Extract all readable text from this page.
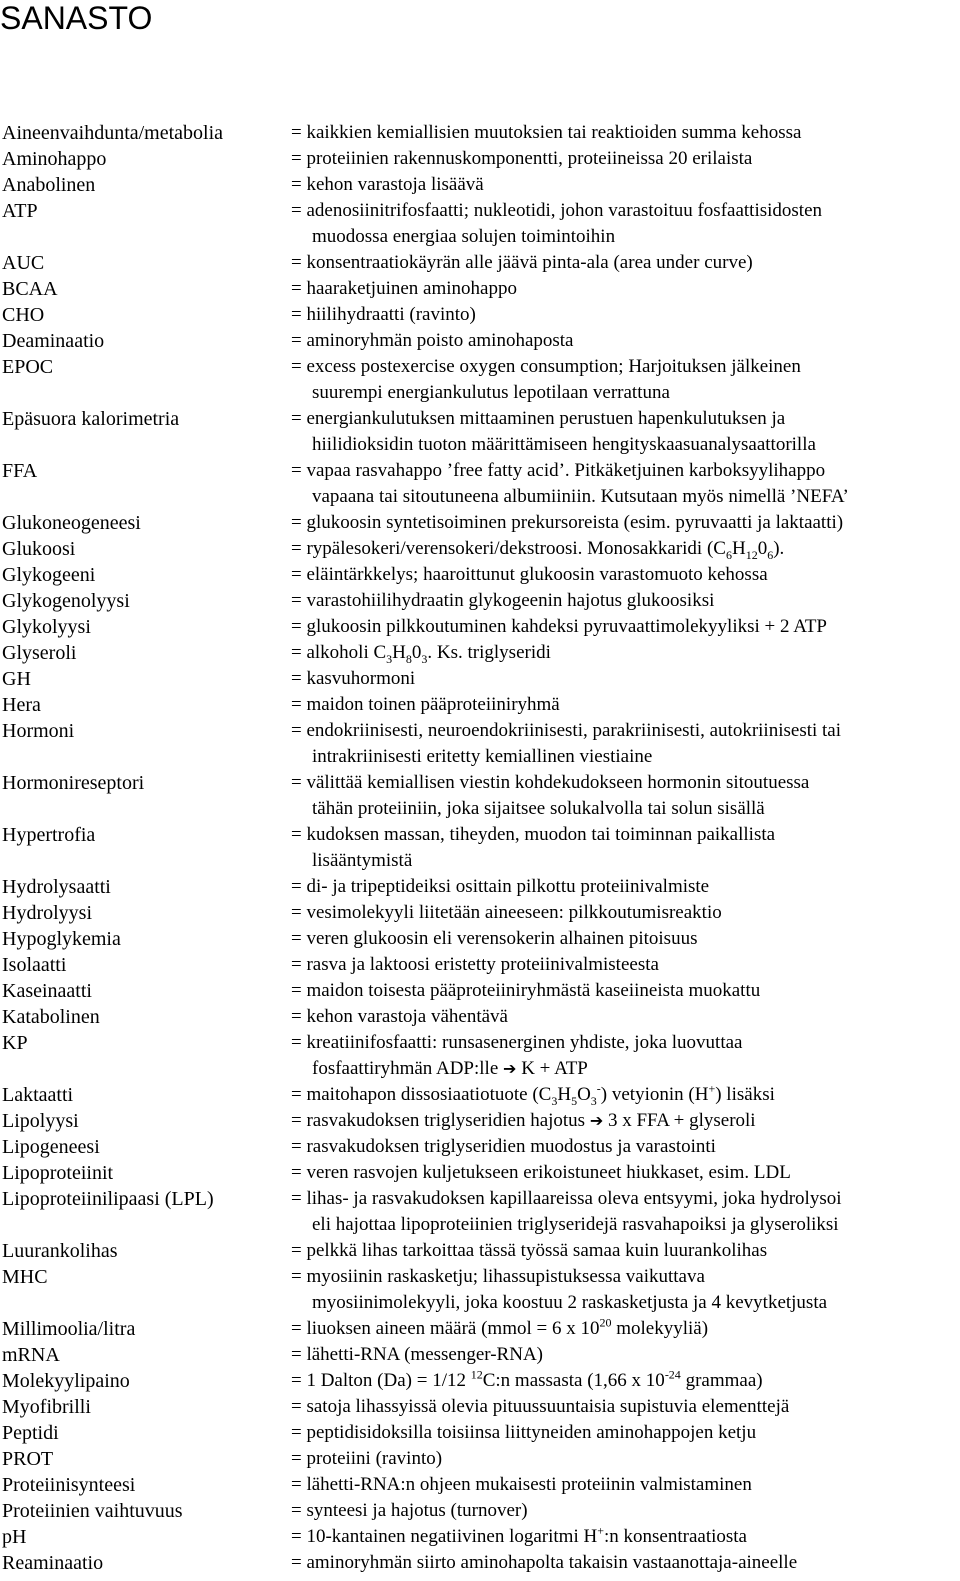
SANASTO
Aineenvaihdunta/metabolia	= kaikkien kemiallisien muutoksien tai reaktioiden summa kehossa
Aminohappo	= proteiinien rakennuskomponentti, proteiineissa 20 erilaista
Anabolinen	= kehon varastoja lisäävä
ATP	= adenosiinitrifosfaatti; nukleotidi, johon varastoituu fosfaattisidosten
muodossa energiaa solujen toimintoihin
AUC	= konsentraatiokäyrän alle jäävä pinta-ala (area under curve)
BCAA	= haaraketjuinen aminohappo
CHO	= hiilihydraatti (ravinto)
Deaminaatio	= aminoryhmän poisto aminohaposta
EPOC	= excess postexercise oxygen consumption; Harjoituksen jälkeinen
suurempi energiankulutus lepotilaan verrattuna
Epäsuora kalorimetria	= energiankulutuksen mittaaminen perustuen hapenkulutuksen ja
hiilidioksidin tuoton määrittämiseen hengityskaasuanalysaattorilla
FFA	= vapaa rasvahappo ’free fatty acid’. Pitkäketjuinen karboksyylihappo
vapaana tai sitoutuneena albumiiniin. Kutsutaan myös nimellä ’NEFA’
Glukoneogeneesi	= glukoosin syntetisoiminen prekursoreista (esim. pyruvaatti ja laktaatti)
Glukoosi	= rypälesokeri/verensokeri/dekstroosi. Monosakkaridi $(C_6H_{12}0_6)$.
Glykogeeni	= eläintärkkelys; haaroittunut glukoosin varastomuoto kehossa
Glykogenolyysi	= varastohiilihydraatin glykogeenin hajotus glukoosiksi
Glykolyysi	= glukoosin pilkkoutuminen kahdeksi pyruvaattimolekyyliksi + 2 ATP
Glyseroli	= alkoholi $C_3H_80_3$. Ks. triglyseridi
GH	= kasvuhormoni
Hera	= maidon toinen pääproteiiniryhmä
Hormoni	= endokriinisesti, neuroendokriinisesti, parakriinisesti, autokriinisesti tai
intrakriinisesti eritetty kemiallinen viestiaine
Hormonireseptori	= välittää kemiallisen viestin kohdekudokseen hormonin sitoutuessa
tähän proteiiniin, joka sijaitsee solukalvolla tai solun sisällä
Hypertrofia	= kudoksen massan, tiheyden, muodon tai toiminnan paikallista
lisääntymistä
Hydrolysaatti	= di- ja tripeptideiksi osittain pilkottu proteiinivalmiste
Hydrolyysi	= vesimolekyyli liitetään aineeseen: pilkkoutumisreaktio
Hypoglykemia	= veren glukoosin eli verensokerin alhainen pitoisuus
Isolaatti	= rasva ja laktoosi eristetty proteiinivalmisteesta
Kaseinaatti	= maidon toisesta pääproteiiniryhmästä kaseiineista muokattu
Katabolinen	= kehon varastoja vähentävä
KP	= kreatiinifosfaatti: runsasenerginen yhdiste, joka luovuttaa
fosfaattiryhmän ADP:lle ➔ K + ATP
Laktaatti	= maitohapon dissosiaatiotuote $(C_3H_5O_3^-)$ vetyionin (H+) lisäksi
Lipolyysi	= rasvakudoksen triglyseridien hajotus ➔ 3 x FFA + glyseroli
Lipogeneesi	= rasvakudoksen triglyseridien muodostus ja varastointi
Lipoproteiinit	= veren rasvojen kuljetukseen erikoistuneet hiukkaset, esim. LDL
Lipoproteiinilipaasi (LPL)	= lihas- ja rasvakudoksen kapillaareissa oleva entsyymi, joka hydrolysoi
eli hajottaa lipoproteiinien triglyseridejä rasvahapoiksi ja glyseroliksi
Luurankolihas	= pelkkä lihas tarkoittaa tässä työssä samaa kuin luurankolihas
MHC	= myosiinin raskasketju; lihassupistuksessa vaikuttava
myosiinimolekyyli, joka koostuu 2 raskasketjusta ja 4 kevytketjusta
Millimoolia/litra	= liuoksen aineen määrä (mmol = 6 x $10^{20}$ molekyyliä)
mRNA	= lähetti-RNA (messenger-RNA)
Molekyylipaino	= 1 Dalton (Da) = 1/12 $^{12}$C:n massasta (1,66 x $10^{-24}$ grammaa)
Myofibrilli	= satoja lihassyissä olevia pituussuuntaisia supistuvia elementtejä
Peptidi	= peptidisidoksilla toisiinsa liittyneiden aminohappojen ketju
PROT	= proteiini (ravinto)
Proteiinisynteesi	= lähetti-RNA:n ohjeen mukaisesti proteiinin valmistaminen
Proteiinien vaihtuvuus	= synteesi ja hajotus (turnover)
pH	= 10-kantainen negatiivinen logaritmi H+:n konsentraatiosta
Reaminaatio	= aminoryhmän siirto aminohapolta takaisin vastaanottaja-aineelle
